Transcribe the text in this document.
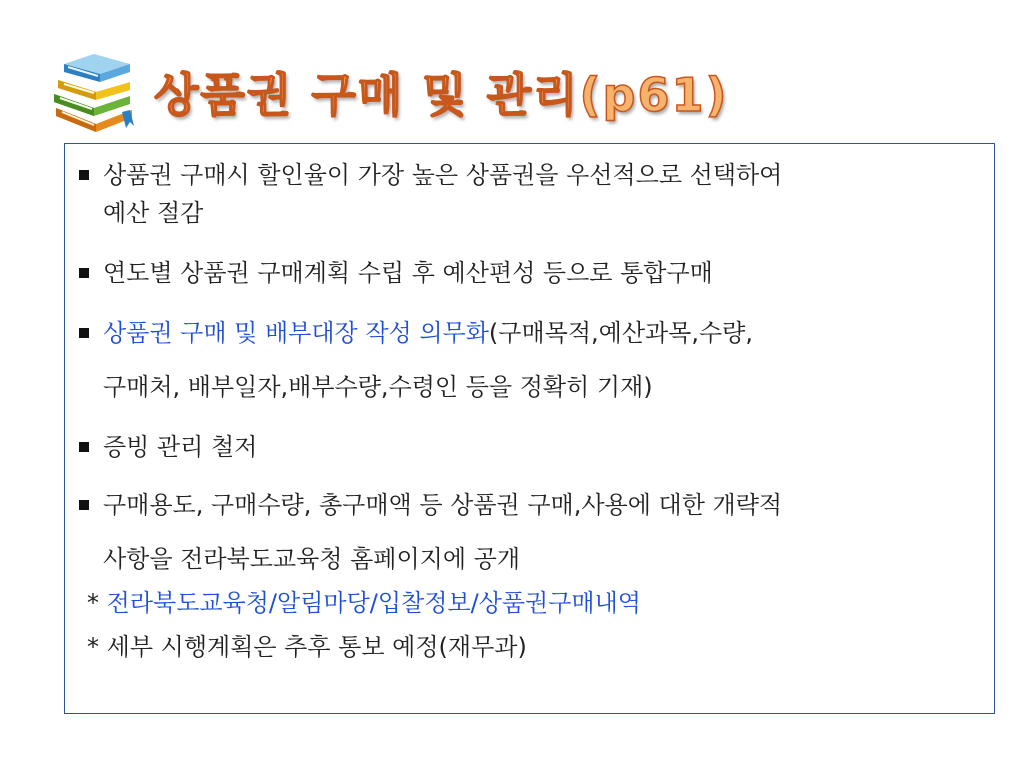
상품권 구매 및 관리(p61)
상품권 구매시 할인율이 가장 높은 상품권을 우선적으로 선택하여
예산 절감
연도별 상품권 구매계획 수립 후 예산편성 등으로 통합구매
상품권 구매 및 배부대장 작성 의무화(구매목적,예산과목,수량,
구매처, 배부일자,배부수량,수령인 등을 정확히 기재)
증빙 관리 철저
구매용도, 구매수량, 총구매액 등 상품권 구매,사용에 대한 개략적
사항을 전라북도교육청 홈페이지에 공개
* 전라북도교육청/알림마당/입찰정보/상품권구매내역
* 세부 시행계획은 추후 통보 예정(재무과)
